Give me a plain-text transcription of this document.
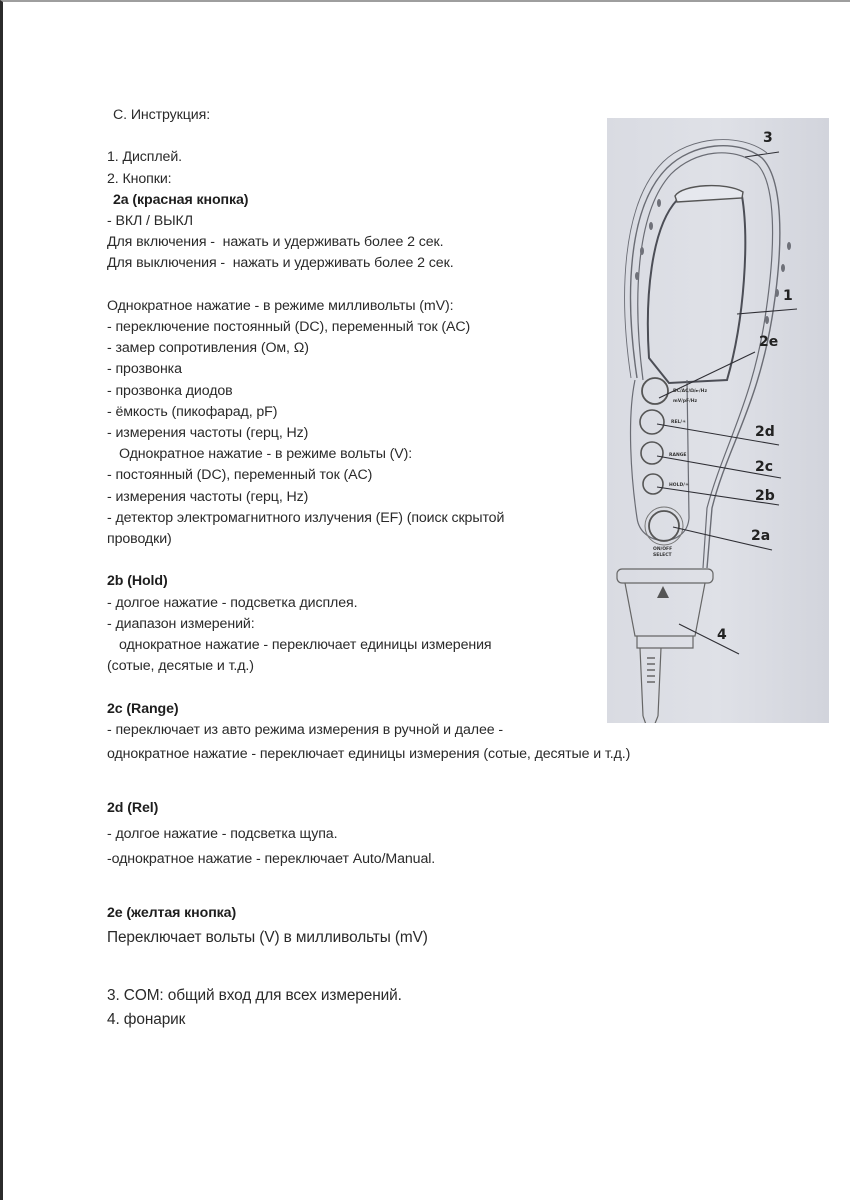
С. Инструкция:
1. Дисплей.
2. Кнопки:
2а (красная кнопка)
- ВКЛ / ВЫКЛ
Для включения -  нажать и удерживать более 2 сек.
Для выключения -  нажать и удерживать более 2 сек.
Однократное нажатие - в режиме милливольты (mV):
- переключение постоянный (DC), переменный ток (AC)
- замер сопротивления (Ом, Ω)
- прозвонка
- прозвонка диодов
- ёмкость (пикофарад, pF)
- измерения частоты (герц, Hz)
Однократное нажатие - в режиме вольты (V):
- постоянный (DC), переменный ток (AC)
- измерения частоты (герц, Hz)
- детектор электромагнитного излучения (EF) (поиск скрытой
проводки)
2b (Hold)
- долгое нажатие - подсветка дисплея.
- диапазон измерений:
однократное нажатие - переключает единицы измерения
(сотые, десятые и т.д.)
2c (Range)
- переключает из авто режима измерения в ручной и далее -
однократное нажатие - переключает единицы измерения (сотые, десятые и т.д.)
2d (Rel)
- долгое нажатие - подсветка щупа.
-однократное нажатие - переключает Auto/Manual.
2e (желтая кнопка)
Переключает вольты (V) в милливольты (mV)
3. COM: общий вход для всех измерений.
4. фонарик
DC/AC/Ω/►/Hz
mV/pF/Hz
REL/☀
RANGE
HOLD/☀
ON/OFF
SELECT
3
1
2e
2d
2c
2b
2a
4
